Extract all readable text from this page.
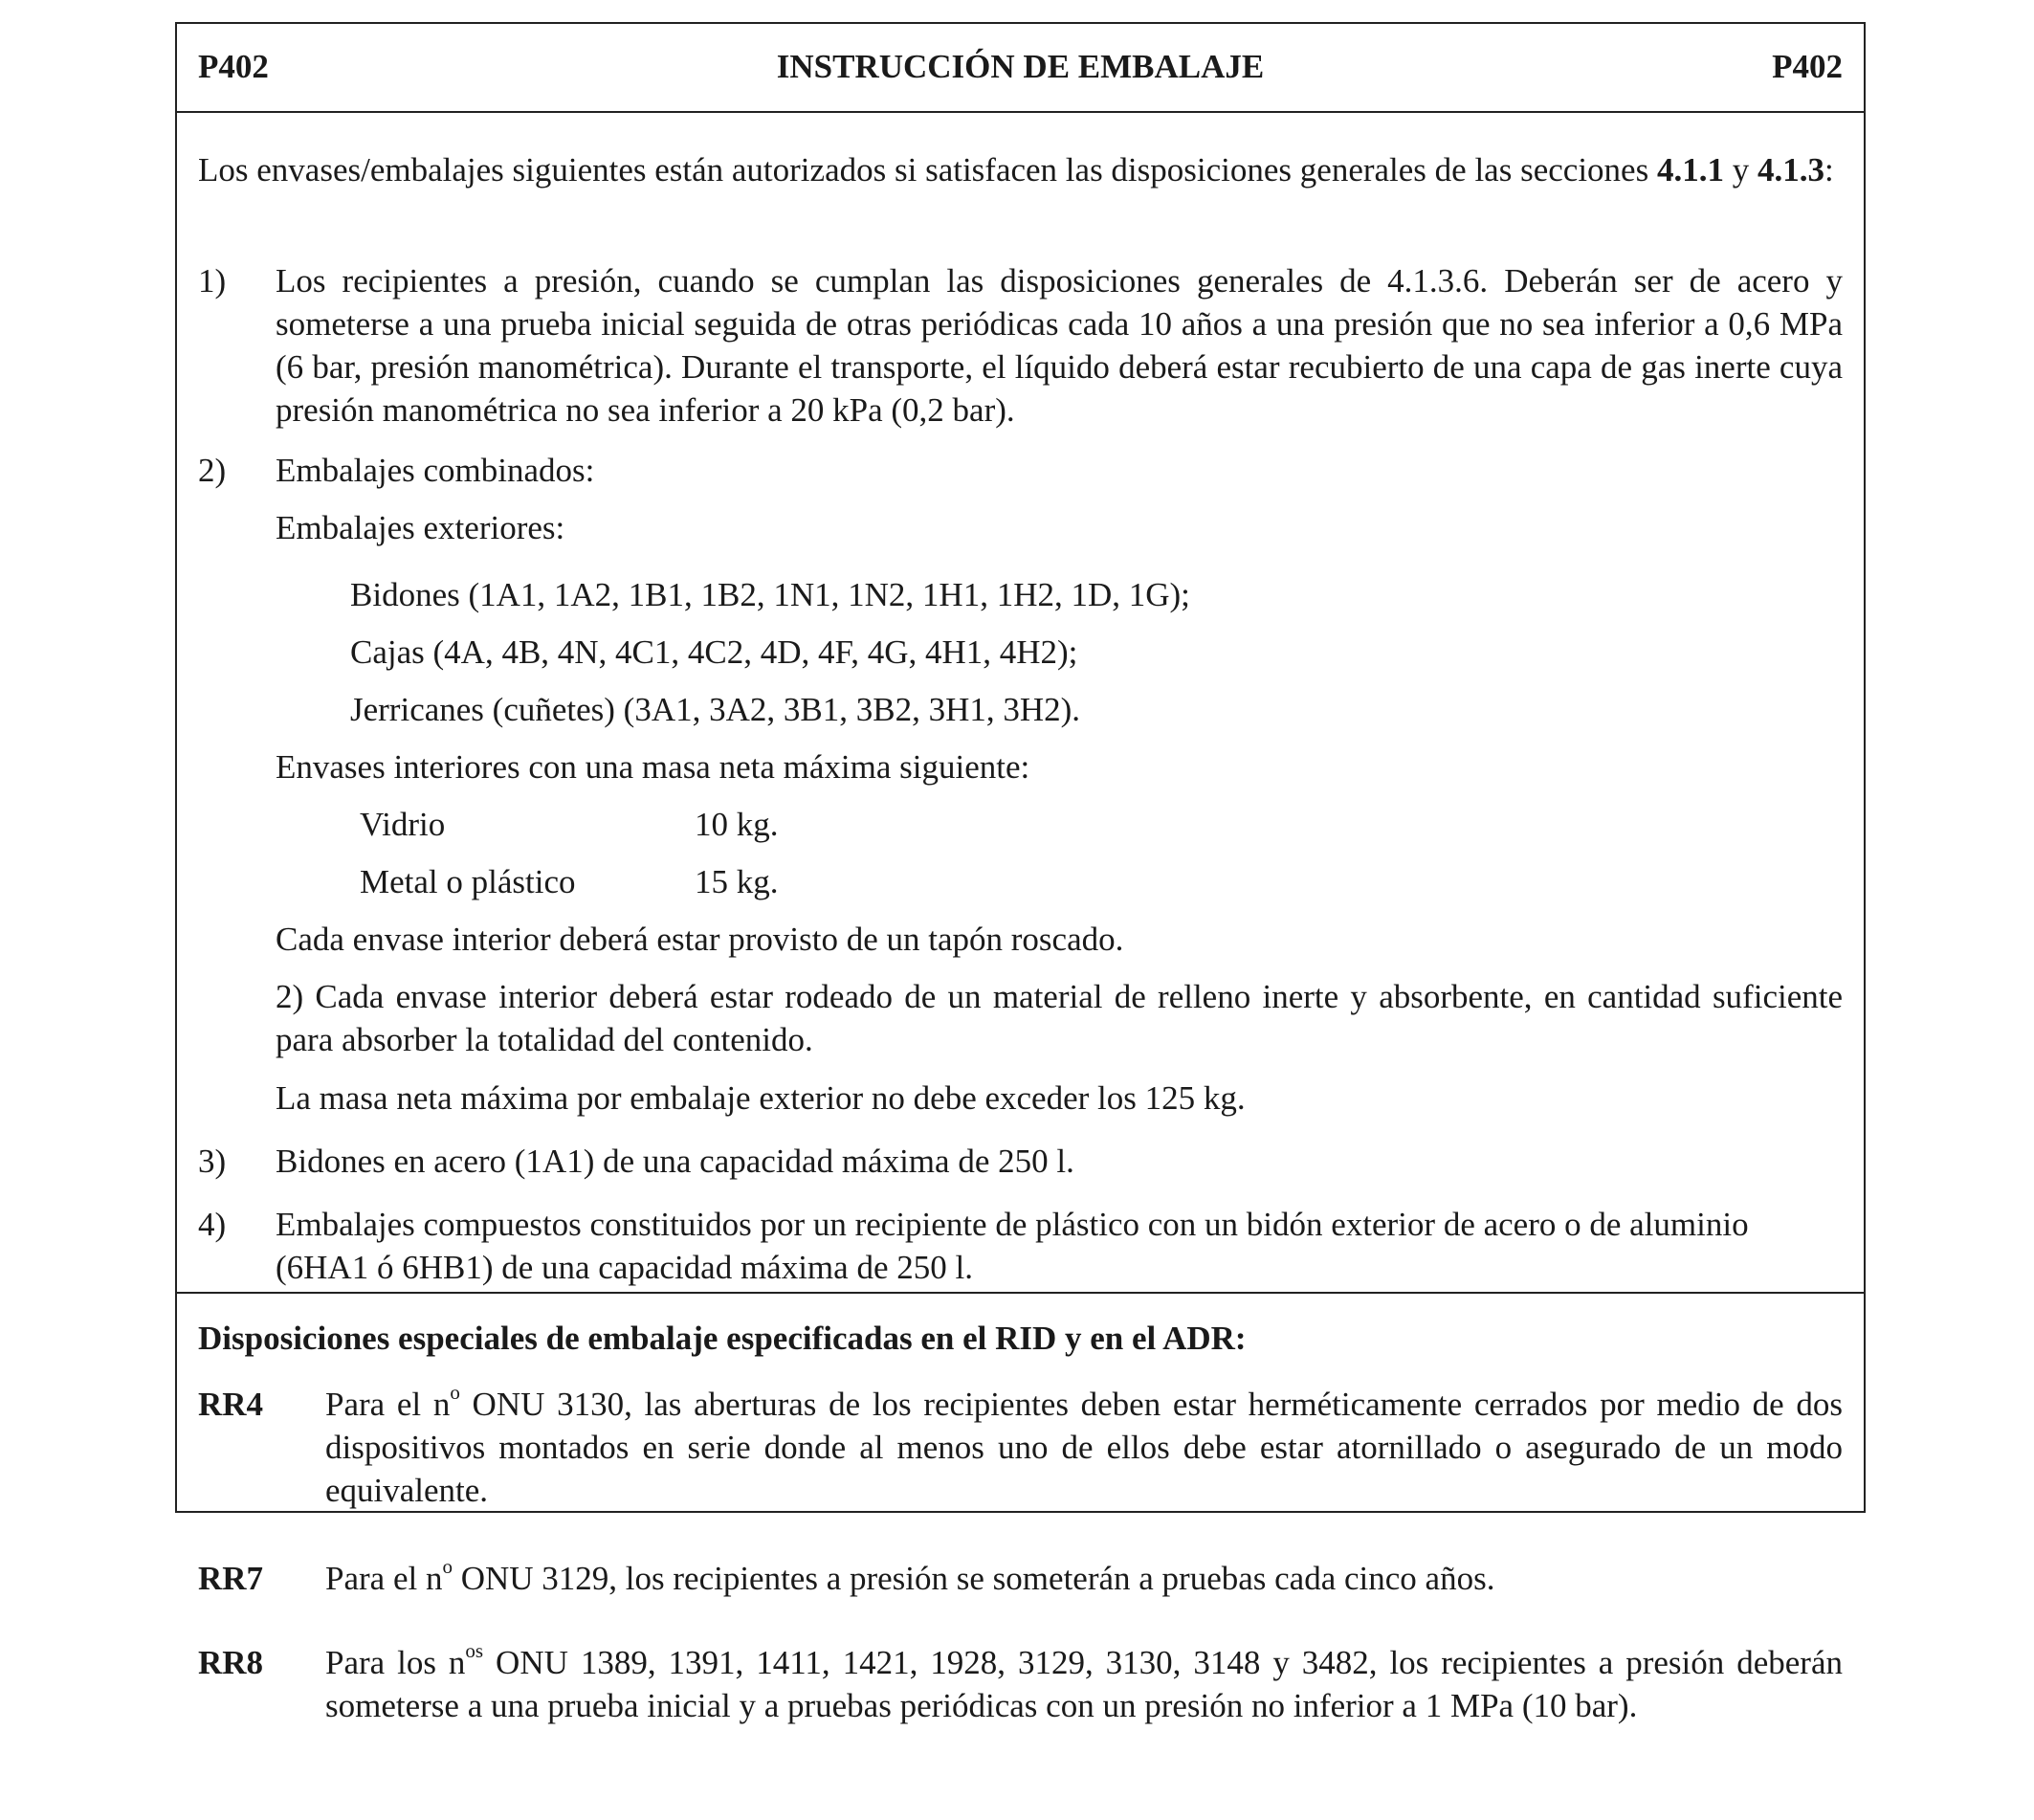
P402	INSTRUCCIÓN DE EMBALAJE	P402
Los envases/embalajes siguientes están autorizados si satisfacen las disposiciones generales de las secciones 4.1.1 y 4.1.3:
1) Los recipientes a presión, cuando se cumplan las disposiciones generales de 4.1.3.6. Deberán ser de acero y someterse a una prueba inicial seguida de otras periódicas cada 10 años a una presión que no sea inferior a 0,6 MPa (6 bar, presión manométrica). Durante el transporte, el líquido deberá estar recubierto de una capa de gas inerte cuya presión manométrica no sea inferior a 20 kPa (0,2 bar).
2) Embalajes combinados:
Embalajes exteriores:
Bidones (1A1, 1A2, 1B1, 1B2, 1N1, 1N2, 1H1, 1H2, 1D, 1G);
Cajas (4A, 4B, 4N, 4C1, 4C2, 4D, 4F, 4G, 4H1, 4H2);
Jerricanes (cuñetes) (3A1, 3A2, 3B1, 3B2, 3H1, 3H2).
Envases interiores con una masa neta máxima siguiente:
Vidrio	10 kg.
Metal o plástico	15 kg.
Cada envase interior deberá estar provisto de un tapón roscado.
2) Cada envase interior deberá estar rodeado de un material de relleno inerte y absorbente, en cantidad suficiente para absorber la totalidad del contenido.
La masa neta máxima por embalaje exterior no debe exceder los 125 kg.
3) Bidones en acero (1A1) de una capacidad máxima de 250 l.
4) Embalajes compuestos constituidos por un recipiente de plástico con un bidón exterior de acero o de aluminio (6HA1 ó 6HB1) de una capacidad máxima de 250 l.
Disposiciones especiales de embalaje especificadas en el RID y en el ADR:
RR4 Para el $n^o$ ONU 3130, las aberturas de los recipientes deben estar herméticamente cerrados por medio de dos dispositivos montados en serie donde al menos uno de ellos debe estar atornillado o asegurado de un modo equivalente.
RR7 Para el $n^o$ ONU 3129, los recipientes a presión se someterán a pruebas cada cinco años.
RR8 Para los $n^{os}$ ONU 1389, 1391, 1411, 1421, 1928, 3129, 3130, 3148 y 3482, los recipientes a presión deberán someterse a una prueba inicial y a pruebas periódicas con un presión no inferior a 1 MPa (10 bar).
